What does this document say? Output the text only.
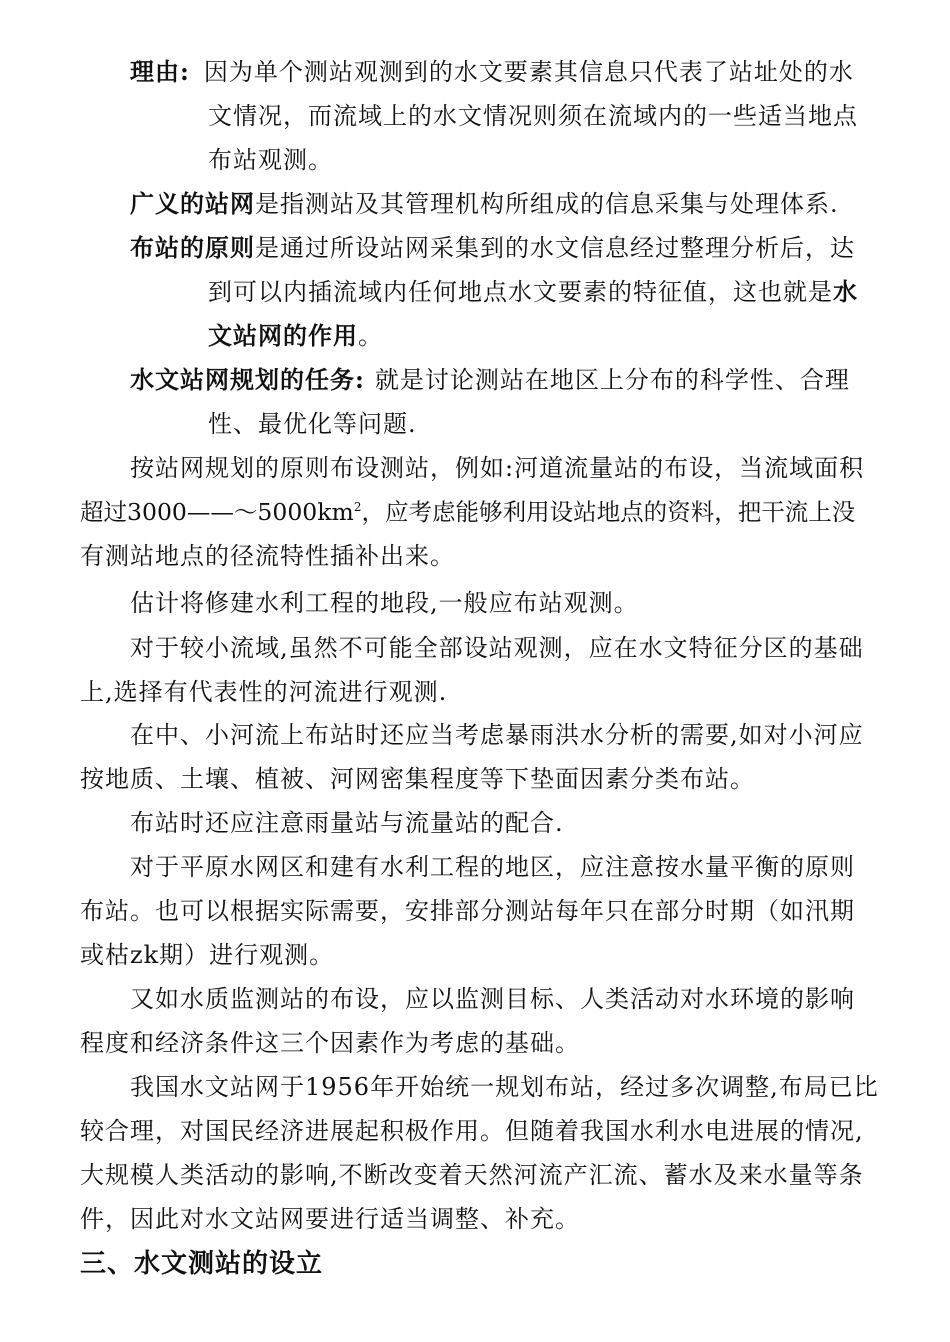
理由: 因为单个测站观测到的水文要素其信息只代表了站址处的水
文情况，而流域上的水文情况则须在流域内的一些适当地点
布站观测。
广义的站网是指测站及其管理机构所组成的信息采集与处理体系.
布站的原则是通过所设站网采集到的水文信息经过整理分析后，达
到可以内插流域内任何地点水文要素的特征值，这也就是水
文站网的作用。
水文站网规划的任务: 就是讨论测站在地区上分布的科学性、合理
性、最优化等问题.
按站网规划的原则布设测站，例如:河道流量站的布设，当流域面积
超过$3000——\sim 5000km^2$，应考虑能够利用设站地点的资料，把干流上没
有测站地点的径流特性插补出来。
估计将修建水利工程的地段,一般应布站观测。
对于较小流域,虽然不可能全部设站观测，应在水文特征分区的基础
上,选择有代表性的河流进行观测.
在中、小河流上布站时还应当考虑暴雨洪水分析的需要,如对小河应
按地质、土壤、植被、河网密集程度等下垫面因素分类布站。
布站时还应注意雨量站与流量站的配合.
对于平原水网区和建有水利工程的地区，应注意按水量平衡的原则
布站。也可以根据实际需要，安排部分测站每年只在部分时期（如汛期
或枯zk期）进行观测。
又如水质监测站的布设，应以监测目标、人类活动对水环境的影响
程度和经济条件这三个因素作为考虑的基础。
我国水文站网于1956年开始统一规划布站，经过多次调整,布局已比
较合理，对国民经济进展起积极作用。但随着我国水利水电进展的情况,
大规模人类活动的影响,不断改变着天然河流产汇流、蓄水及来水量等条
件，因此对水文站网要进行适当调整、补充。
三、水文测站的设立
